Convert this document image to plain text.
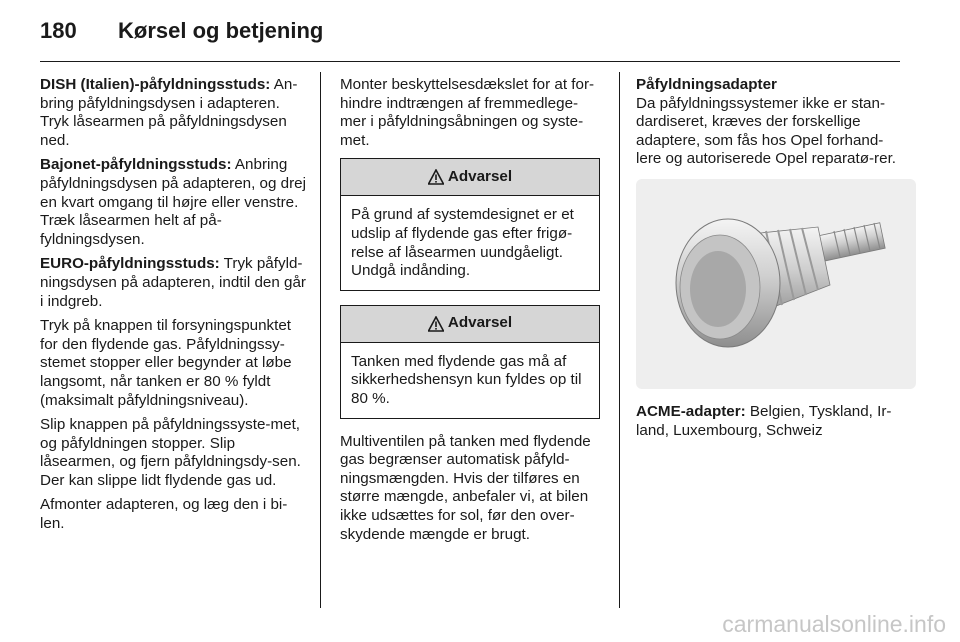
180 Kørsel og betjening

DISH (Italien)-påfyldningsstuds: An-bring påfyldningsdysen i adapteren. Tryk låsearmen på påfyldningsdysen ned.

Bajonet-påfyldningsstuds: Anbring påfyldningsdysen på adapteren, og drej en kvart omgang til højre eller venstre. Træk låsearmen helt af på-fyldningsdysen.

EURO-påfyldningsstuds: Tryk påfyld-ningsdysen på adapteren, indtil den går i indgreb.

Tryk på knappen til forsyningspunktet for den flydende gas. Påfyldningssy-stemet stopper eller begynder at løbe langsomt, når tanken er 80 % fyldt (maksimalt påfyldningsniveau).

Slip knappen på påfyldningssyste-met, og påfyldningen stopper. Slip låsearmen, og fjern påfyldningsdy-sen. Der kan slippe lidt flydende gas ud.

Afmonter adapteren, og læg den i bi-len.

Monter beskyttelsesdækslet for at for-hindre indtrængen af fremmedlege-mer i påfyldningsåbningen og syste-met.

Advarsel
På grund af systemdesignet er et udslip af flydende gas efter frigø-relse af låsearmen uundgåeligt. Undgå indånding.
Advarsel
Tanken med flydende gas må af sikkerhedshensyn kun fyldes op til 80 %.

Multiventilen på tanken med flydende gas begrænser automatisk påfyld-ningsmængden. Hvis der tilføres en større mængde, anbefaler vi, at bilen ikke udsættes for sol, før den over-skydende mængde er brugt.

Påfyldningsadapter

Da påfyldningssystemer ikke er stan-dardiseret, kræves der forskellige adaptere, som fås hos Opel forhand-lere og autoriserede Opel reparatø-rer.

ACME-adapter: Belgien, Tyskland, Ir-land, Luxembourg, Schweiz

carmanualsonline.info
